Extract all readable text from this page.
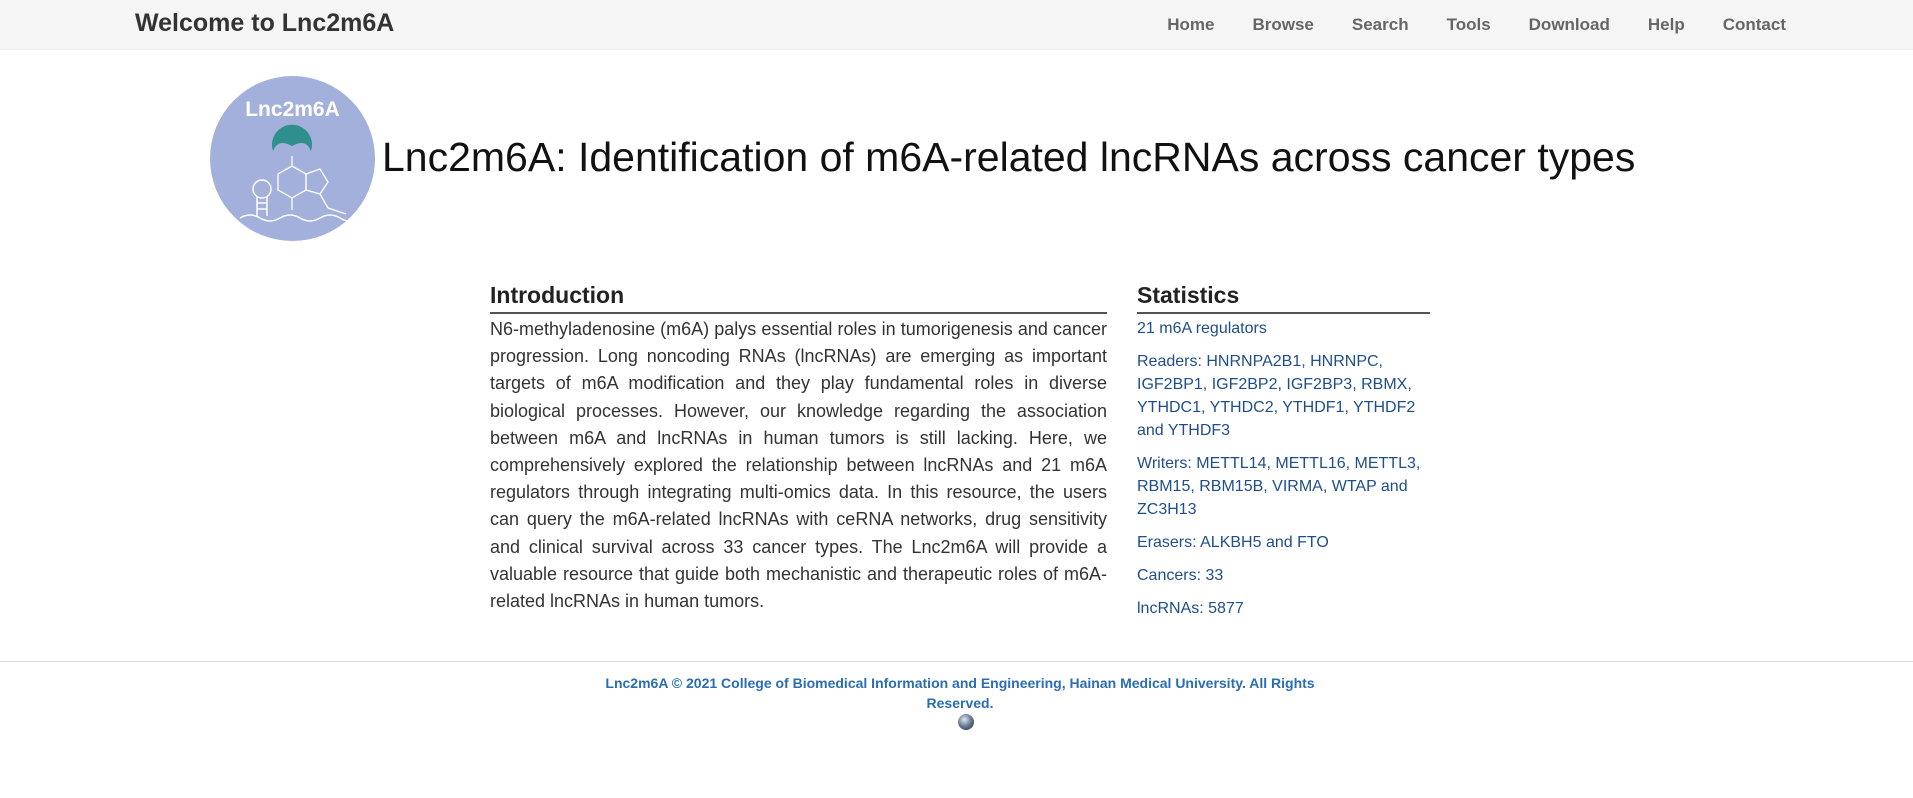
Welcome to Lnc2m6A	Home	Browse	Search	Tools	Download	Help	Contact
Lnc2m6A
Lnc2m6A: Identification of m6A-related lncRNAs across cancer types
Introduction

N6-methyladenosine (m6A) palys essential roles in tumorigenesis and cancer progression. Long noncoding RNAs (lncRNAs) are emerging as important targets of m6A modification and they play fundamental roles in diverse biological processes. However, our knowledge regarding the association between m6A and lncRNAs in human tumors is still lacking. Here, we comprehensively explored the relationship between lncRNAs and 21 m6A regulators through integrating multi-omics data. In this resource, the users can query the m6A-related lncRNAs with ceRNA networks, drug sensitivity and clinical survival across 33 cancer types. The Lnc2m6A will provide a valuable resource that guide both mechanistic and therapeutic roles of m6A-related lncRNAs in human tumors.

Statistics

21 m6A regulators

Readers: HNRNPA2B1, HNRNPC, IGF2BP1, IGF2BP2, IGF2BP3, RBMX, YTHDC1, YTHDC2, YTHDF1, YTHDF2 and YTHDF3

Writers: METTL14, METTL16, METTL3, RBM15, RBM15B, VIRMA, WTAP and ZC3H13

Erasers: ALKBH5 and FTO

Cancers: 33

lncRNAs: 5877

Lnc2m6A © 2021 College of Biomedical Information and Engineering, Hainan Medical University. All Rights Reserved.
